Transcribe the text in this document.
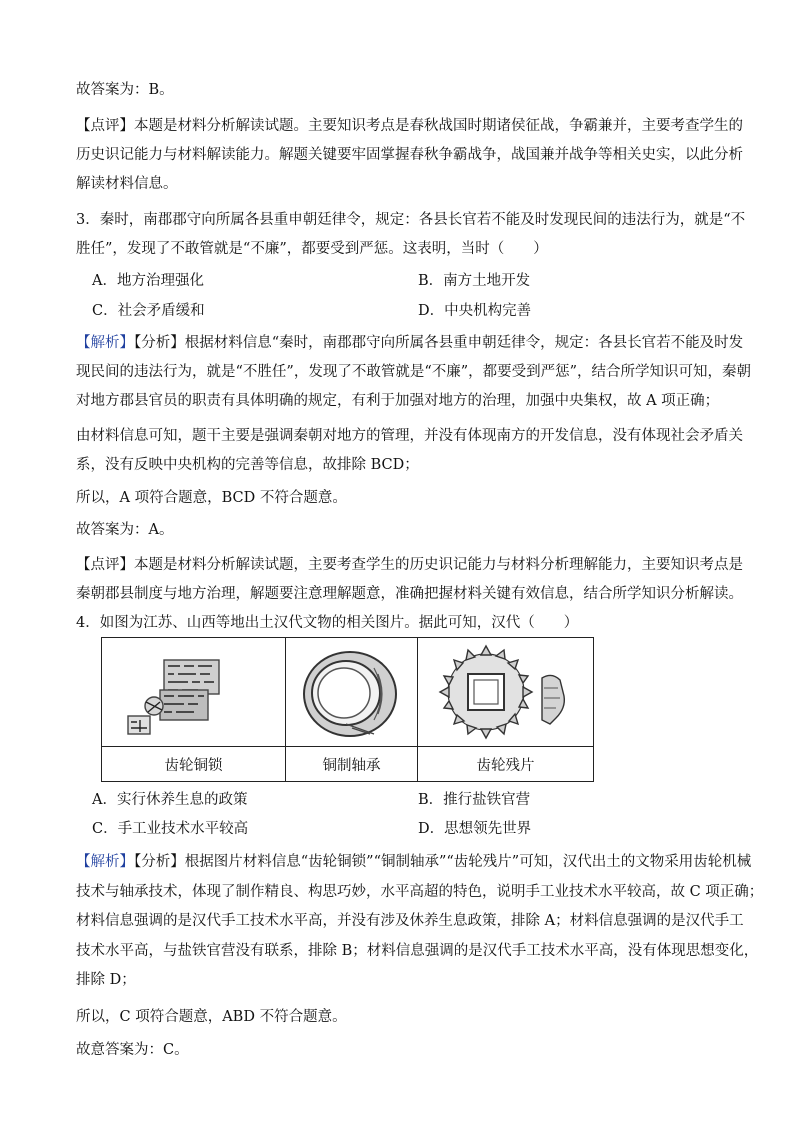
故答案为：B。
【点评】本题是材料分析解读试题。主要知识考点是春秋战国时期诸侯征战，争霸兼并，主要考查学生的
历史识记能力与材料解读能力。解题关键要牢固掌握春秋争霸战争，战国兼并战争等相关史实，以此分析
解读材料信息。
3．秦时，南郡郡守向所属各县重申朝廷律令，规定：各县长官若不能及时发现民间的违法行为，就是“不
胜任”，发现了不敢管就是“不廉”，都要受到严惩。这表明，当时（　　）
A．地方治理强化	B．南方土地开发
C．社会矛盾缓和	D．中央机构完善
【解析】【分析】根据材料信息“秦时，南郡郡守向所属各县重申朝廷律令，规定：各县长官若不能及时发
现民间的违法行为，就是“不胜任”，发现了不敢管就是“不廉”，都要受到严惩”，结合所学知识可知，秦朝
对地方郡县官员的职责有具体明确的规定，有利于加强对地方的治理，加强中央集权，故 A 项正确；
由材料信息可知，题干主要是强调秦朝对地方的管理，并没有体现南方的开发信息，没有体现社会矛盾关
系，没有反映中央机构的完善等信息，故排除 BCD；
所以，A 项符合题意，BCD 不符合题意。
故答案为：A。
【点评】本题是材料分析解读试题，主要考查学生的历史识记能力与材料分析理解能力，主要知识考点是
秦朝郡县制度与地方治理，解题要注意理解题意，准确把握材料关键有效信息，结合所学知识分析解读。
4．如图为江苏、山西等地出土汉代文物的相关图片。据此可知，汉代（　　）

齿轮铜锁	铜制轴承	齿轮残片
A．实行休养生息的政策	B．推行盐铁官营
C．手工业技术水平较高	D．思想领先世界
【解析】【分析】根据图片材料信息“齿轮铜锁”“铜制轴承”“齿轮残片”可知，汉代出土的文物采用齿轮机械
技术与轴承技术，体现了制作精良、构思巧妙，水平高超的特色，说明手工业技术水平较高，故 C 项正确；
材料信息强调的是汉代手工技术水平高，并没有涉及休养生息政策，排除 A；材料信息强调的是汉代手工
技术水平高，与盐铁官营没有联系，排除 B；材料信息强调的是汉代手工技术水平高，没有体现思想变化，
排除 D；
所以，C 项符合题意，ABD 不符合题意。
故意答案为：C。
